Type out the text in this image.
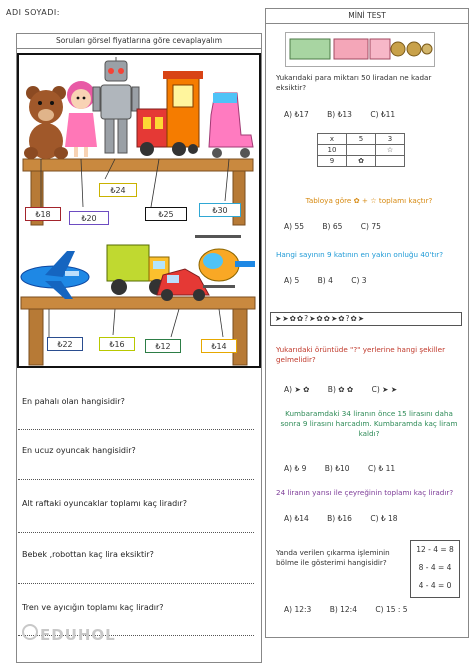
ADI SOYADI:
Soruları görsel fiyatlarına göre cevaplayalım
₺18	₺20
₺24
₺25	₺30
₺22	₺16	₺12	₺14
En pahalı olan hangisidir?
En ucuz oyuncak hangisidir?
Alt raftaki oyuncaklar toplamı kaç liradır?
Bebek ,robottan kaç lira eksiktir?
Tren ve ayıcığın toplamı kaç liradır?
EDUHOL
MİNİ TEST
Yukarıdaki para miktarı 50 liradan ne kadar eksiktir?
A) ₺17 B) ₺13 C) ₺11
x	5	3
10		☆
9	✿	
Tabloya göre ✿ + ☆ toplamı kaçtır?
A) 55 B) 65 C) 75
Hangi sayının 9 katının en yakın onluğu 40'tır?
A) 5 B) 4 C) 3
➤➤✿✿?➤✿✿➤✿?✿➤
Yukarıdaki örüntüde "?" yerlerine hangi şekiller gelmelidir?
A) ➤ ✿ B) ✿ ✿ C) ➤ ➤
Kumbaramdaki 34 liranın önce 15 lirasını daha sonra 9 lirasını harcadım. Kumbaramda kaç liram kaldı?
A) ₺ 9 B) ₺10 C) ₺ 11
24 liranın yarısı ile çeyreğinin toplamı kaç liradır?
A) ₺14 B) ₺16 C) ₺ 18
Yanda verilen çıkarma işleminin bölme ile gösterimi hangisidir?
12 - 4 = 8
8 - 4 = 4
4 - 4 = 0
A) 12:3 B) 12:4 C) 15 : 5
